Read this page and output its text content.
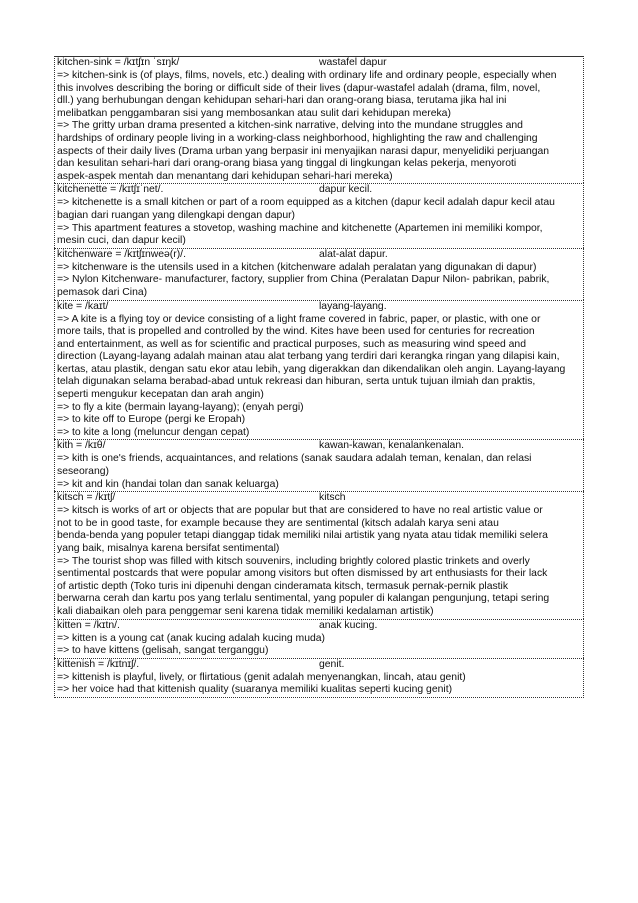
kitchen-sink = /kɪtʃɪn ˈsɪŋk/	wastafel dapur
=> kitchen-sink is (of plays, films, novels, etc.) dealing with ordinary life and ordinary people, especially when
this involves describing the boring or difficult side of their lives (dapur-wastafel adalah (drama, film, novel,
dll.) yang berhubungan dengan kehidupan sehari-hari dan orang-orang biasa, terutama jika hal ini
melibatkan penggambaran sisi yang membosankan atau sulit dari kehidupan mereka)
=> The gritty urban drama presented a kitchen-sink narrative, delving into the mundane struggles and
hardships of ordinary people living in a working-class neighborhood, highlighting the raw and challenging
aspects of their daily lives (Drama urban yang berpasir ini menyajikan narasi dapur, menyelidiki perjuangan
dan kesulitan sehari-hari dari orang-orang biasa yang tinggal di lingkungan kelas pekerja, menyoroti
aspek-aspek mentah dan menantang dari kehidupan sehari-hari mereka)
kitchenette = /kɪtʃɪˈnet/.	dapur kecil.
=> kitchenette is a small kitchen or part of a room equipped as a kitchen (dapur kecil adalah dapur kecil atau
bagian dari ruangan yang dilengkapi dengan dapur)
=> This apartment features a stovetop, washing machine and kitchenette (Apartemen ini memiliki kompor,
mesin cuci, dan dapur kecil)
kitchenware = /kɪtʃɪnweə(r)/.	alat-alat dapur.
=> kitchenware is the utensils used in a kitchen (kitchenware adalah peralatan yang digunakan di dapur)
=> Nylon Kitchenware- manufacturer, factory, supplier from China (Peralatan Dapur Nilon- pabrikan, pabrik,
pemasok dari Cina)
kite = /kaɪt/	layang-layang.
=> A kite is a flying toy or device consisting of a light frame covered in fabric, paper, or plastic, with one or
more tails, that is propelled and controlled by the wind. Kites have been used for centuries for recreation
and entertainment, as well as for scientific and practical purposes, such as measuring wind speed and
direction (Layang-layang adalah mainan atau alat terbang yang terdiri dari kerangka ringan yang dilapisi kain,
kertas, atau plastik, dengan satu ekor atau lebih, yang digerakkan dan dikendalikan oleh angin. Layang-layang
telah digunakan selama berabad-abad untuk rekreasi dan hiburan, serta untuk tujuan ilmiah dan praktis,
seperti mengukur kecepatan dan arah angin)
=> to fly a kite (bermain layang-layang); (enyah pergi)
=> to kite off to Europe (pergi ke Eropah)
=> to kite a long (meluncur dengan cepat)
kith = /kɪθ/	kawan-kawan, kenalankenalan.
=> kith is one's friends, acquaintances, and relations (sanak saudara adalah teman, kenalan, dan relasi
seseorang)
=> kit and kin (handai tolan dan sanak keluarga)
kitsch = /kɪtʃ/	kitsch
=> kitsch is works of art or objects that are popular but that are considered to have no real artistic value or
not to be in good taste, for example because they are sentimental (kitsch adalah karya seni atau
benda-benda yang populer tetapi dianggap tidak memiliki nilai artistik yang nyata atau tidak memiliki selera
yang baik, misalnya karena bersifat sentimental)
=> The tourist shop was filled with kitsch souvenirs, including brightly colored plastic trinkets and overly
sentimental postcards that were popular among visitors but often dismissed by art enthusiasts for their lack
of artistic depth (Toko turis ini dipenuhi dengan cinderamata kitsch, termasuk pernak-pernik plastik
berwarna cerah dan kartu pos yang terlalu sentimental, yang populer di kalangan pengunjung, tetapi sering
kali diabaikan oleh para penggemar seni karena tidak memiliki kedalaman artistik)
kitten = /kɪtn/.	anak kucing.
=> kitten is a young cat (anak kucing adalah kucing muda)
=> to have kittens (gelisah, sangat terganggu)
kittenish = /kɪtnɪʃ/.	genit.
=> kittenish is playful, lively, or flirtatious (genit adalah menyenangkan, lincah, atau genit)
=> her voice had that kittenish quality (suaranya memiliki kualitas seperti kucing genit)
